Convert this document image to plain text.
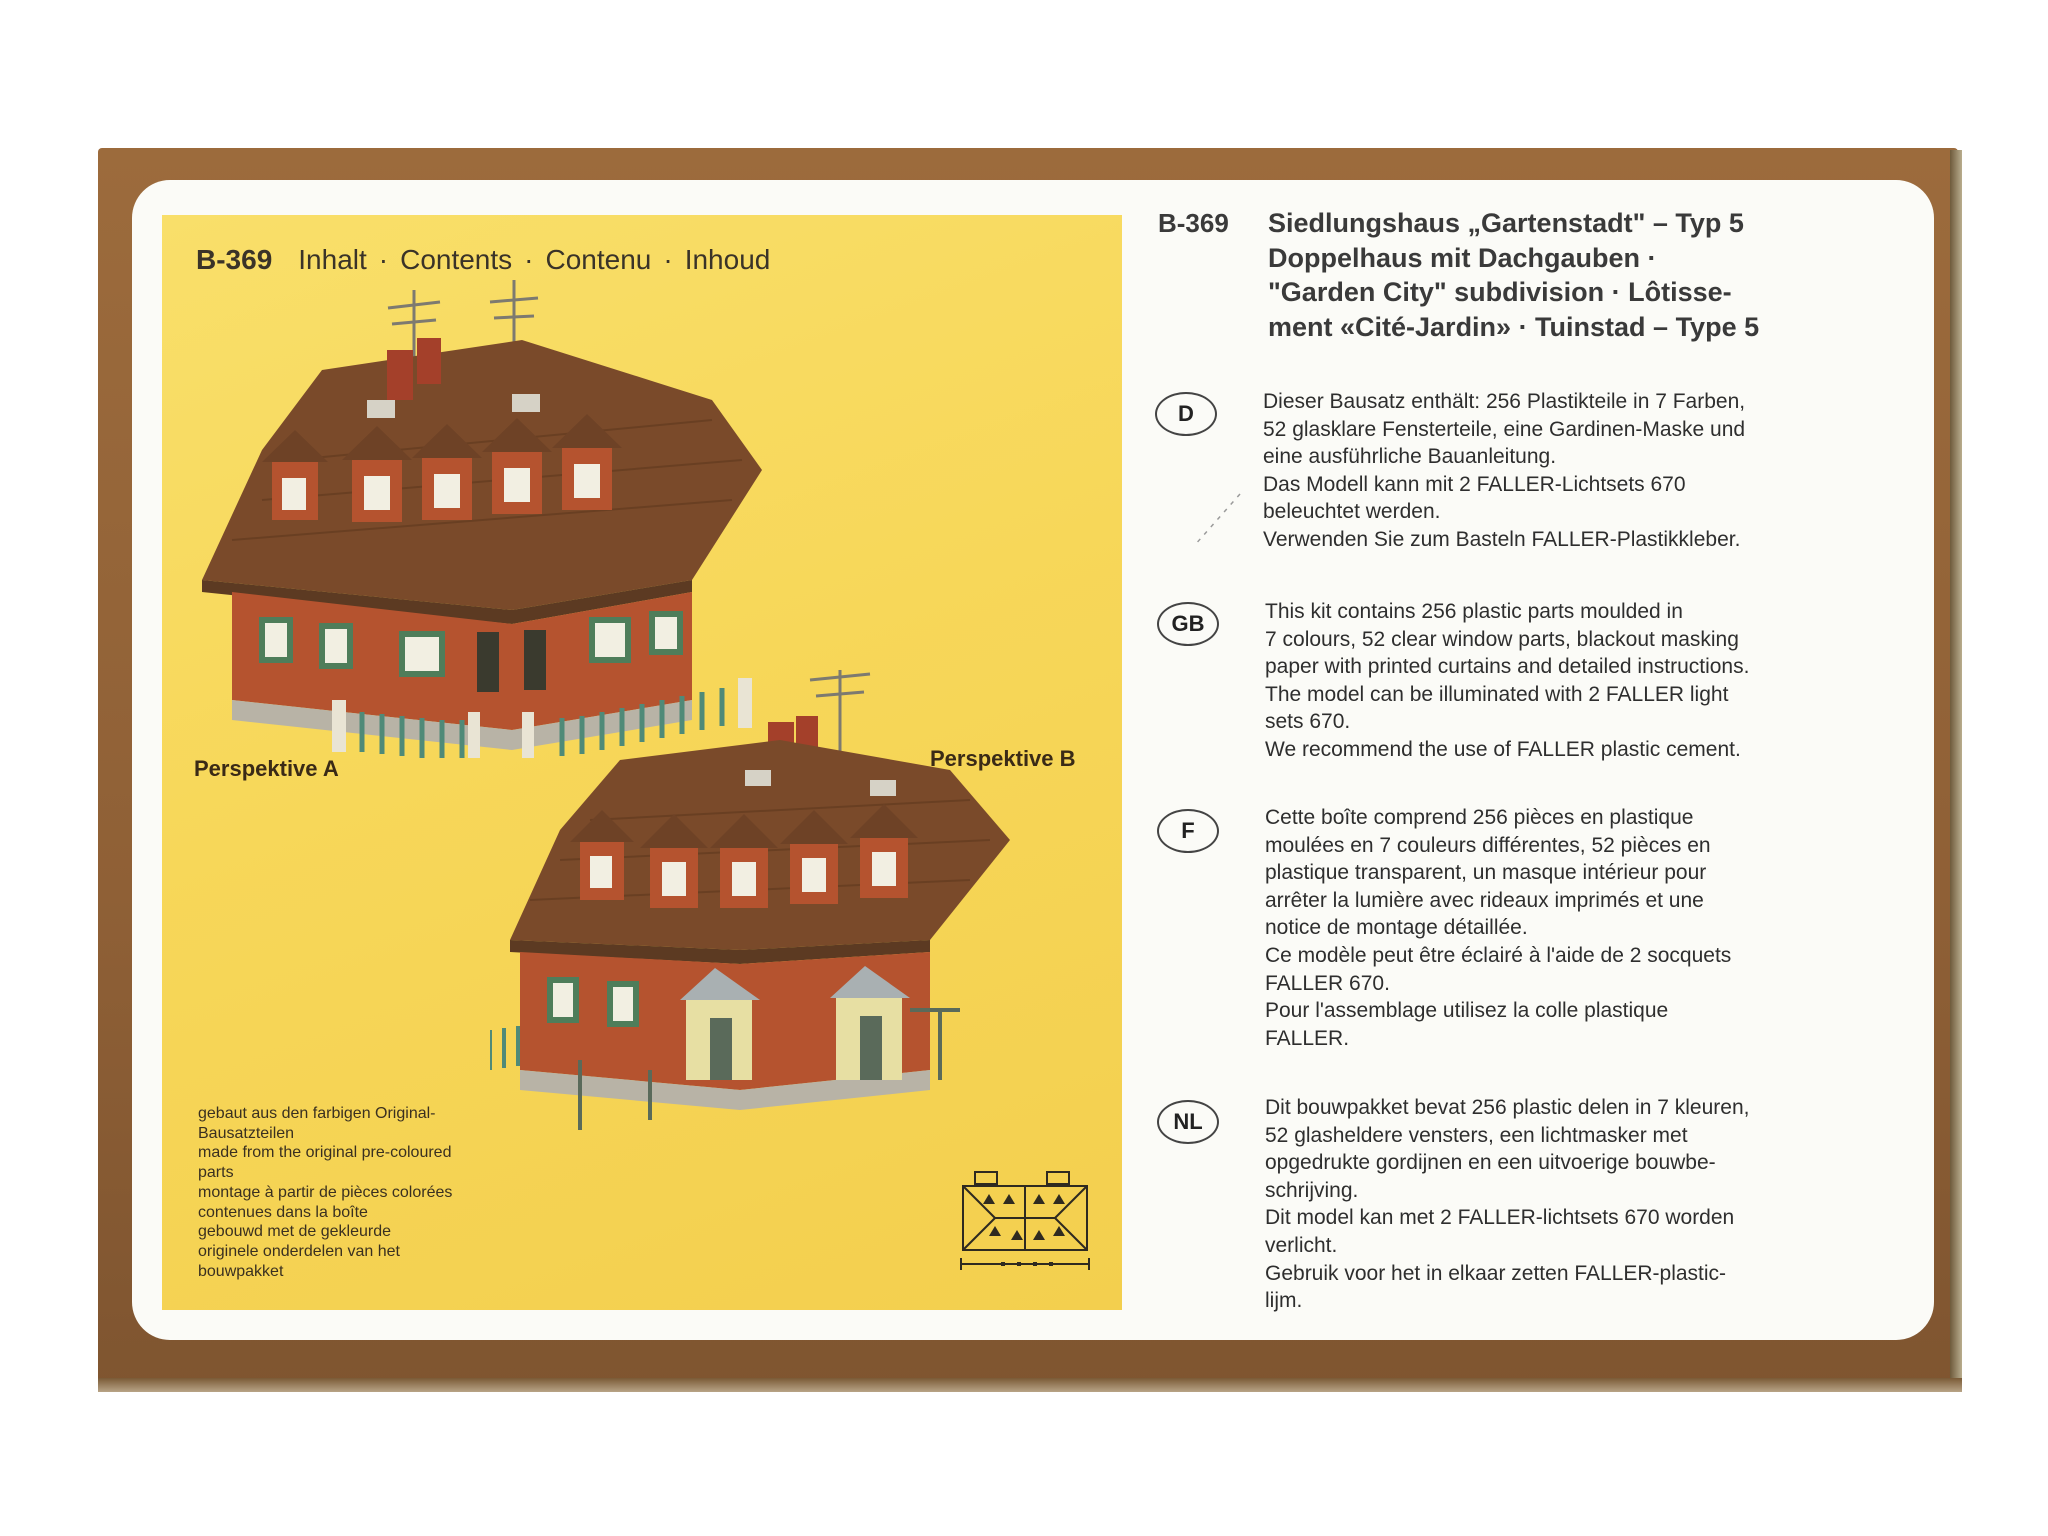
B-369 Inhalt · Contents · Contenu · Inhoud
Perspektive A	Perspektive B
gebaut aus den farbigen Original-
Bausatzteilen
made from the original pre-coloured
parts
montage à partir de pièces colorées
contenues dans la boîte
gebouwd met de gekleurde
originele onderdelen van het
bouwpakket
B-369 Siedlungshaus „Gartenstadt" – Typ 5
Doppelhaus mit Dachgauben ·
"Garden City" subdivision · Lôtisse-
ment «Cité-Jardin» · Tuinstad – Type 5
D	Dieser Bausatz enthält: 256 Plastikteile in 7 Farben,
52 glasklare Fensterteile, eine Gardinen-Maske und
eine ausführliche Bauanleitung.
Das Modell kann mit 2 FALLER-Lichtsets 670
beleuchtet werden.
Verwenden Sie zum Basteln FALLER-Plastikkleber.
GB	This kit contains 256 plastic parts moulded in
7 colours, 52 clear window parts, blackout masking
paper with printed curtains and detailed instructions.
The model can be illuminated with 2 FALLER light
sets 670.
We recommend the use of FALLER plastic cement.
F
Cette boîte comprend 256 pièces en plastique
moulées en 7 couleurs différentes, 52 pièces en
plastique transparent, un masque intérieur pour
arrêter la lumière avec rideaux imprimés et une
notice de montage détaillée.
Ce modèle peut être éclairé à l'aide de 2 socquets
FALLER 670.
Pour l'assemblage utilisez la colle plastique
FALLER.
NL
Dit bouwpakket bevat 256 plastic delen in 7 kleuren,
52 glasheldere vensters, een lichtmasker met
opgedrukte gordijnen en een uitvoerige bouwbe-
schrijving.
Dit model kan met 2 FALLER-lichtsets 670 worden
verlicht.
Gebruik voor het in elkaar zetten FALLER-plastic-
lijm.
